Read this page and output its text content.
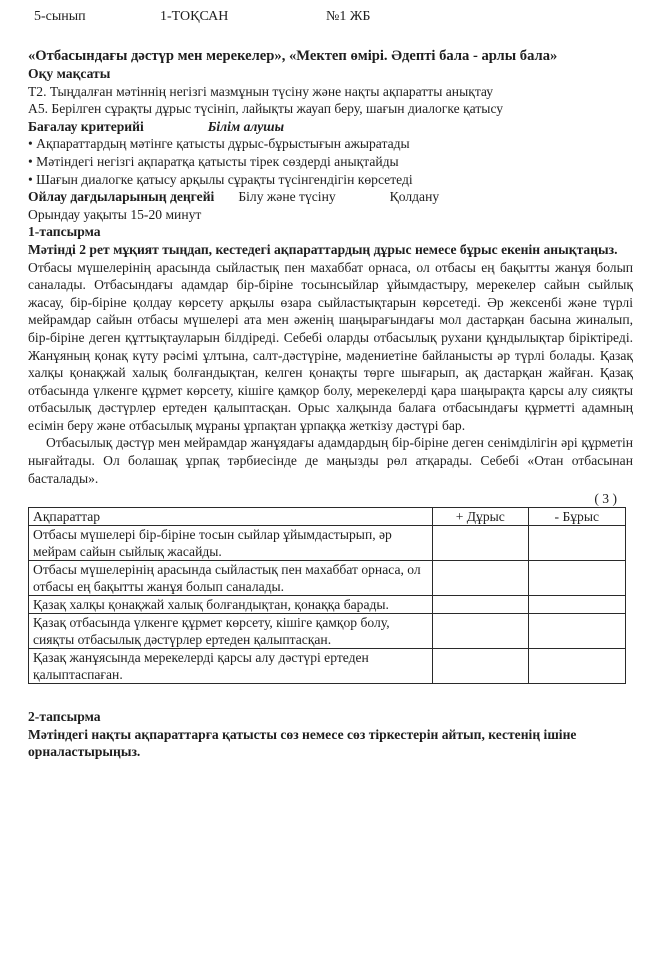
5-сынып	1-ТОҚСАН	№1 ЖБ
«Отбасындағы дәстүр мен мерекелер», «Мектеп өмірі. Әдепті бала - арлы бала»
Оқу мақсаты
Т2. Тыңдалған мәтіннің негізгі мазмұнын түсіну және нақты ақпаратты анықтау
А5. Берілген сұрақты дұрыс түсініп, лайықты жауап беру, шағын диалогке қатысу
Бағалау критерийі	Білім алушы
• Ақпараттардың мәтінге қатысты дұрыс-бұрыстығын ажыратады
• Мәтіндегі негізгі ақпаратқа қатысты тірек сөздерді анықтайды
• Шағын диалогке қатысу арқылы сұрақты түсінгендігін көрсетеді
Ойлау дағдыларының деңгейі Білу және түсіну	Қолдану
Орындау уақыты 15-20 минут
1-тапсырма
Мәтінді 2 рет мұқият тыңдап, кестедегі ақпараттардың дұрыс немесе бұрыс екенін анықтаңыз.
Отбасы мүшелерінің арасында сыйластық пен махаббат орнаса, ол отбасы ең бақытты жанұя болып саналады. Отбасындағы адамдар бір-біріне тосынсыйлар ұйымдастыру, мерекелер сайын сыйлық жасау, бір-біріне қолдау көрсету арқылы өзара сыйластықтарын көрсетеді. Әр жексенбі және түрлі мейрамдар сайын отбасы мүшелері ата мен әженің шаңырағындағы мол дастарқан басына жиналып, бір-біріне деген құттықтауларын білдіреді. Себебі оларды отбасылық рухани құндылықтар біріктіреді. Жанұяның қонақ күту рәсімі ұлтына, салт-дәстүріне, мәдениетіне байланысты әр түрлі болады. Қазақ халқы қонақжай халық болғандықтан, келген қонақты төрге шығарып, ақ дастарқан жайған. Қазақ отбасында үлкенге құрмет көрсету, кішіге қамқор болу, мерекелерді қара шаңырақта қарсы алу сияқты отбасылық дәстүрлер ертеден қалыптасқан. Орыс халқында балаға отбасындағы құрметті адамның есімін беру және отбасылық мұраны ұрпақтан ұрпаққа жеткізу дәстүрі бар.
Отбасылық дәстүр мен мейрамдар жанұядағы адамдардың бір-біріне деген сенімділігін әрі құрметін нығайтады. Ол болашақ ұрпақ тәрбиесінде де маңызды рөл атқарады. Себебі «Отан отбасынан басталады».
( 3 )
Ақпараттар	+ Дұрыс	- Бұрыс
Отбасы мүшелері бір-біріне тосын сыйлар ұйымдастырып, әр мейрам сайын сыйлық жасайды.		
Отбасы мүшелерінің арасында сыйластық пен махаббат орнаса, ол отбасы ең бақытты жанұя болып саналады.		
Қазақ халқы қонақжай халық болғандықтан, қонаққа барады.		
Қазақ отбасында үлкенге құрмет көрсету, кішіге қамқор болу, сияқты отбасылық дәстүрлер ертеден қалыптасқан.		
Қазақ жанұясында мерекелерді қарсы алу дәстүрі ертеден қалыптаспаған.		
2-тапсырма
Мәтіндегі нақты ақпараттарға қатысты сөз немесе сөз тіркестерін айтып, кестенің ішіне орналастырыңыз.
